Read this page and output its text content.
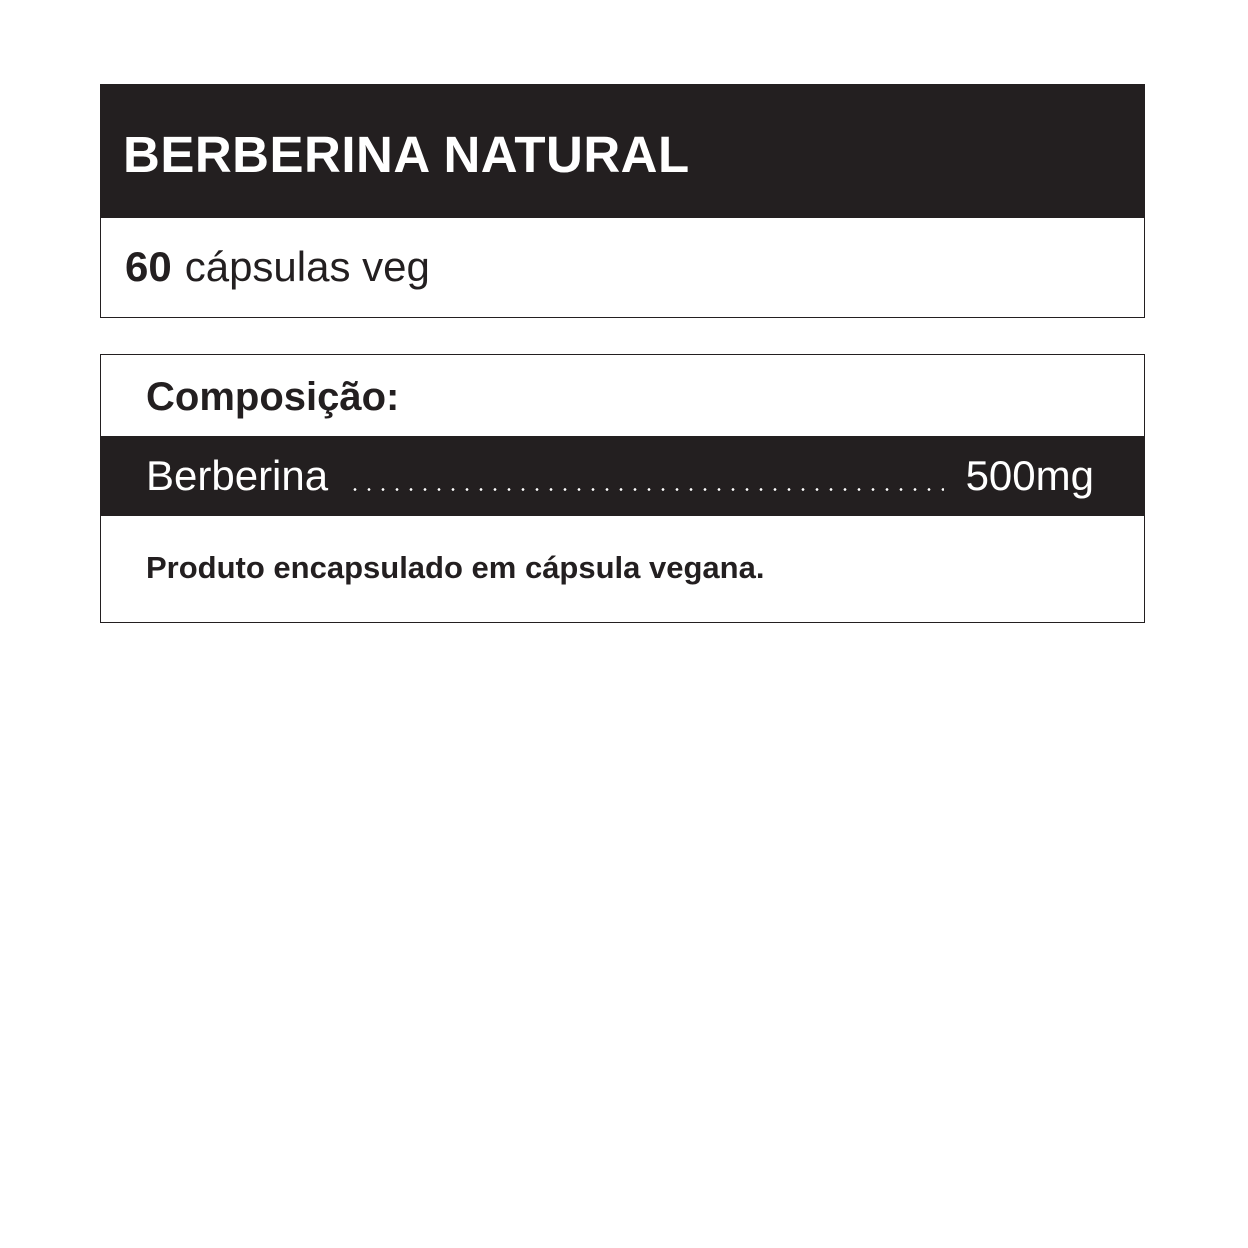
BERBERINA NATURAL
60 cápsulas veg
Composição:
Berberina	500mg
Produto encapsulado em cápsula vegana.
